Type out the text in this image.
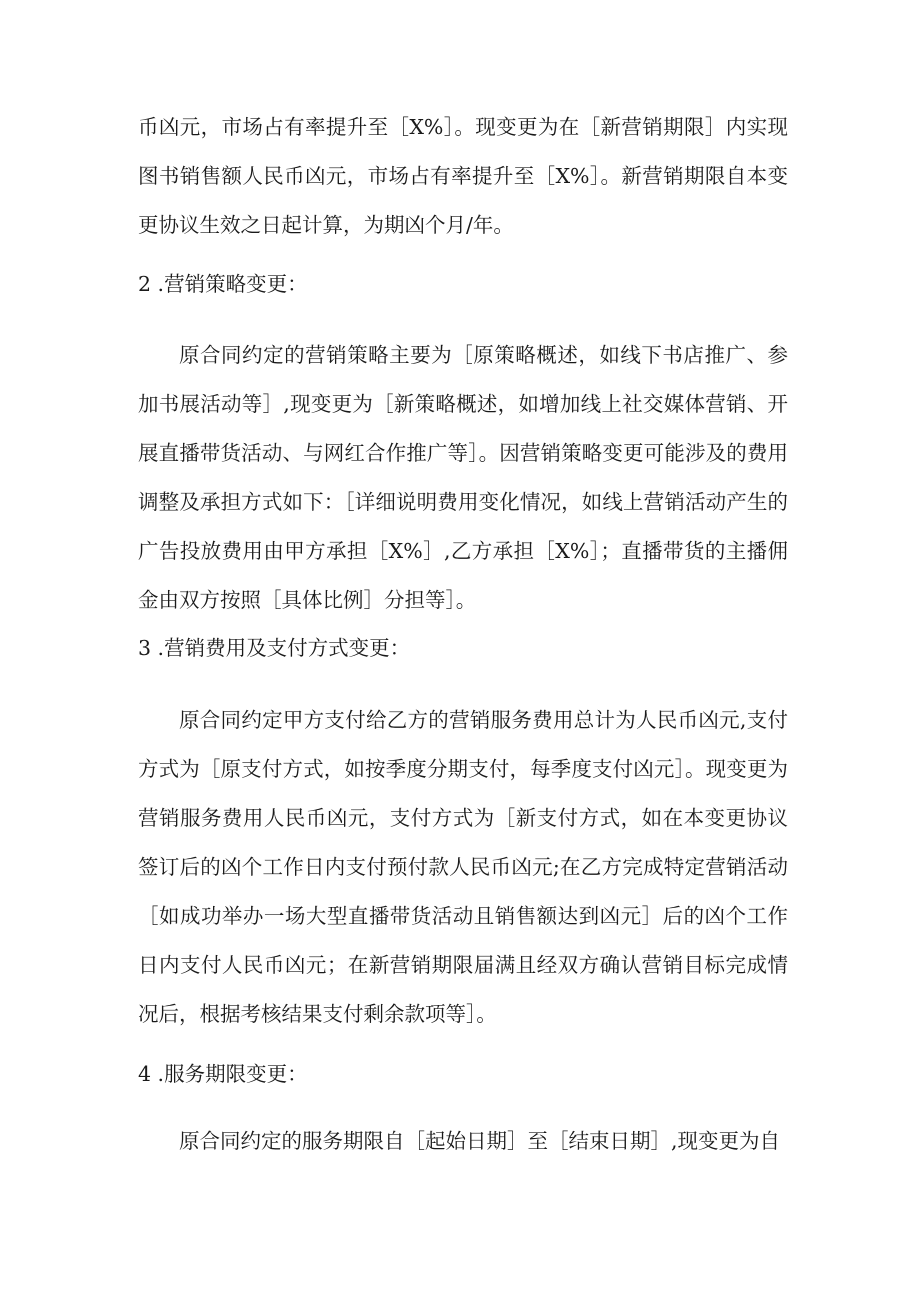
币凶元，市场占有率提升至［X%］。现变更为在［新营销期限］内实现图书销售额人民币凶元，市场占有率提升至［X%］。新营销期限自本变更协议生效之日起计算，为期凶个月/年。

2 .营销策略变更：

原合同约定的营销策略主要为［原策略概述，如线下书店推广、参加书展活动等］,现变更为［新策略概述，如增加线上社交媒体营销、开展直播带货活动、与网红合作推广等］。因营销策略变更可能涉及的费用调整及承担方式如下：［详细说明费用变化情况，如线上营销活动产生的广告投放费用由甲方承担［X%］,乙方承担［X%］；直播带货的主播佣金由双方按照［具体比例］分担等］。

3 .营销费用及支付方式变更：

原合同约定甲方支付给乙方的营销服务费用总计为人民币凶元,支付方式为［原支付方式，如按季度分期支付，每季度支付凶元］。现变更为营销服务费用人民币凶元，支付方式为［新支付方式，如在本变更协议签订后的凶个工作日内支付预付款人民币凶元;在乙方完成特定营销活动［如成功举办一场大型直播带货活动且销售额达到凶元］后的凶个工作日内支付人民币凶元；在新营销期限届满且经双方确认营销目标完成情况后，根据考核结果支付剩余款项等］。

4 .服务期限变更：

原合同约定的服务期限自［起始日期］至［结束日期］,现变更为自
